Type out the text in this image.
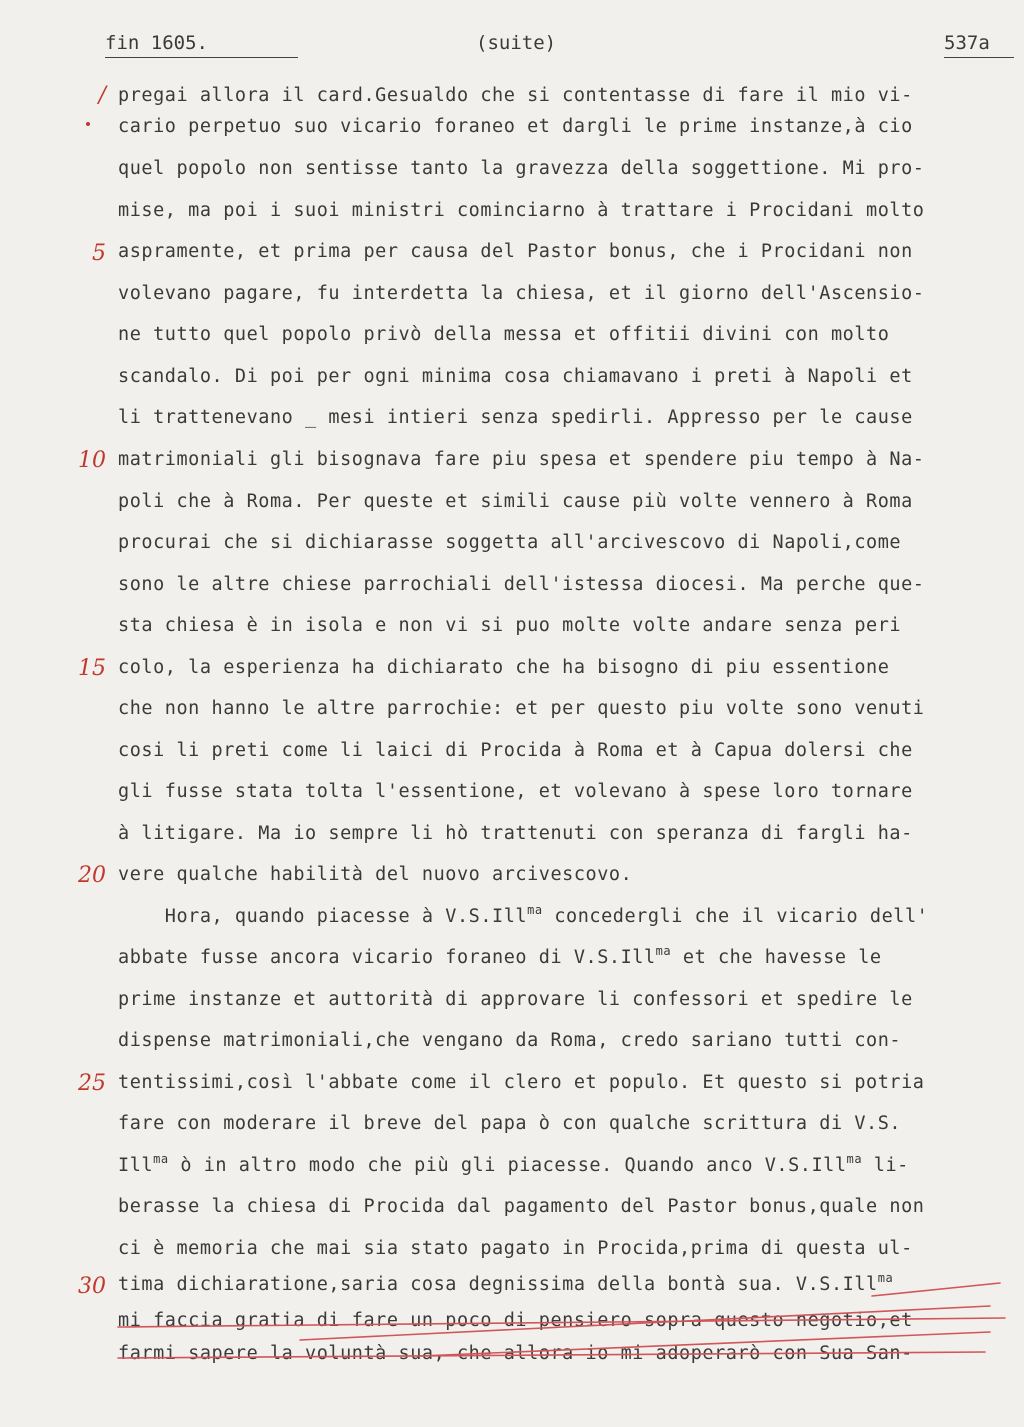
fin 1605.	(suite)	537a
/
5
10
15
20
25
30
pregai allora il card.Gesualdo che si contentasse di fare il mio vi-
cario perpetuo suo vicario foraneo et dargli le prime instanze,à cio
quel popolo non sentisse tanto la gravezza della soggettione. Mi pro-
mise, ma poi i suoi ministri cominciarno à trattare i Procidani molto
aspramente, et prima per causa del Pastor bonus, che i Procidani non
volevano pagare, fu interdetta la chiesa, et il giorno dell'Ascensio-
ne tutto quel popolo privò della messa et offitii divini con molto
scandalo. Di poi per ogni minima cosa chiamavano i preti à Napoli et
li trattenevano _ mesi intieri senza spedirli. Appresso per le cause
matrimoniali gli bisognava fare piu spesa et spendere piu tempo à Na-
poli che à Roma. Per queste et simili cause più volte vennero à Roma
procurai che si dichiarasse soggetta all'arcivescovo di Napoli,come
sono le altre chiese parrochiali dell'istessa diocesi. Ma perche que-
sta chiesa è in isola e non vi si puo molte volte andare senza peri
colo, la esperienza ha dichiarato che ha bisogno di piu essentione
che non hanno le altre parrochie: et per questo piu volte sono venuti
cosi li preti come li laici di Procida à Roma et à Capua dolersi che
gli fusse stata tolta l'essentione, et volevano à spese loro tornare
à litigare. Ma io sempre li hò trattenuti con speranza di fargli ha-
vere qualche habilità del nuovo arcivescovo.
Hora, quando piacesse à V.S.Ill$^{ma}$ concedergli che il vicario dell'
abbate fusse ancora vicario foraneo di V.S.Ill$^{ma}$ et che havesse le
prime instanze et auttorità di approvare li confessori et spedire le
dispense matrimoniali,che vengano da Roma, credo sariano tutti con-
tentissimi,così l'abbate come il clero et populo. Et questo si potria
fare con moderare il breve del papa ò con qualche scrittura di V.S.
Ill$^{ma}$ ò in altro modo che più gli piacesse. Quando anco V.S.Ill$^{ma}$ li-
berasse la chiesa di Procida dal pagamento del Pastor bonus,quale non
ci è memoria che mai sia stato pagato in Procida,prima di questa ul-
tima dichiaratione,saria cosa degnissima della bontà sua. V.S.Ill$^{ma}$
mi faccia gratia di fare un poco di pensiero sopra questo negotio,et
farmi sapere la voluntà sua, che allora io mi adoperarò con Sua San-
